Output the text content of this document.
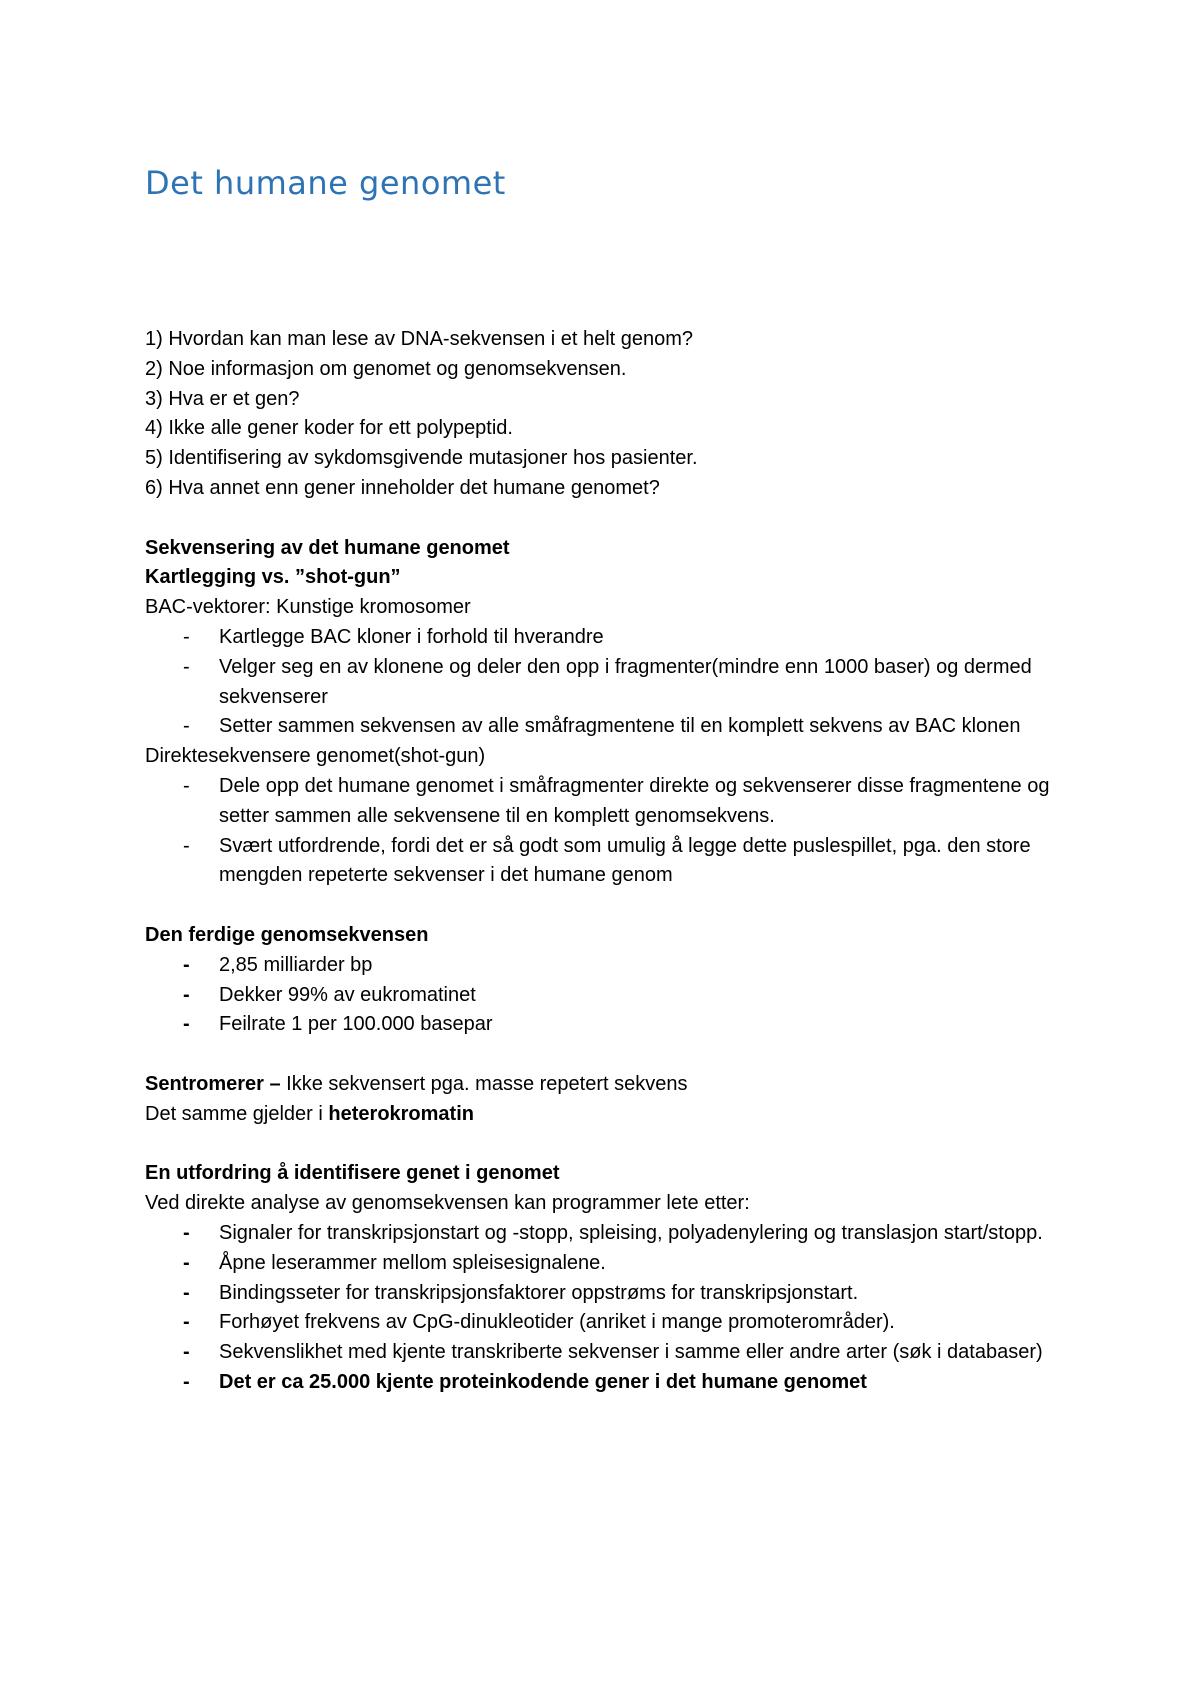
Det humane genomet

1) Hvordan kan man lese av DNA-sekvensen i et helt genom?

2) Noe informasjon om genomet og genomsekvensen.

3) Hva er et gen?

4) Ikke alle gener koder for ett polypeptid.

5) Identifisering av sykdomsgivende mutasjoner hos pasienter.

6) Hva annet enn gener inneholder det humane genomet?

Sekvensering av det humane genomet

Kartlegging vs. ”shot-gun”

BAC-vektorer: Kunstige kromosomer

- Kartlegge BAC kloner i forhold til hverandre
- Velger seg en av klonene og deler den opp i fragmenter(mindre enn 1000 baser) og dermed sekvenserer
- Setter sammen sekvensen av alle småfragmentene til en komplett sekvens av BAC klonen

Direktesekvensere genomet(shot-gun)

- Dele opp det humane genomet i småfragmenter direkte og sekvenserer disse fragmentene og setter sammen alle sekvensene til en komplett genomsekvens.
- Svært utfordrende, fordi det er så godt som umulig å legge dette puslespillet, pga. den store mengden repeterte sekvenser i det humane genom

Den ferdige genomsekvensen

- 2,85 milliarder bp
- Dekker 99% av eukromatinet
- Feilrate 1 per 100.000 basepar

Sentromerer – Ikke sekvensert pga. masse repetert sekvens

Det samme gjelder i heterokromatin

En utfordring å identifisere genet i genomet

Ved direkte analyse av genomsekvensen kan programmer lete etter:

- Signaler for transkripsjonstart og -stopp, spleising, polyadenylering og translasjon start/stopp.
- Åpne leserammer mellom spleisesignalene.
- Bindingsseter for transkripsjonsfaktorer oppstrøms for transkripsjonstart.
- Forhøyet frekvens av CpG-dinukleotider (anriket i mange promoterområder).
- Sekvenslikhet med kjente transkriberte sekvenser i samme eller andre arter (søk i databaser)
- Det er ca 25.000 kjente proteinkodende gener i det humane genomet
